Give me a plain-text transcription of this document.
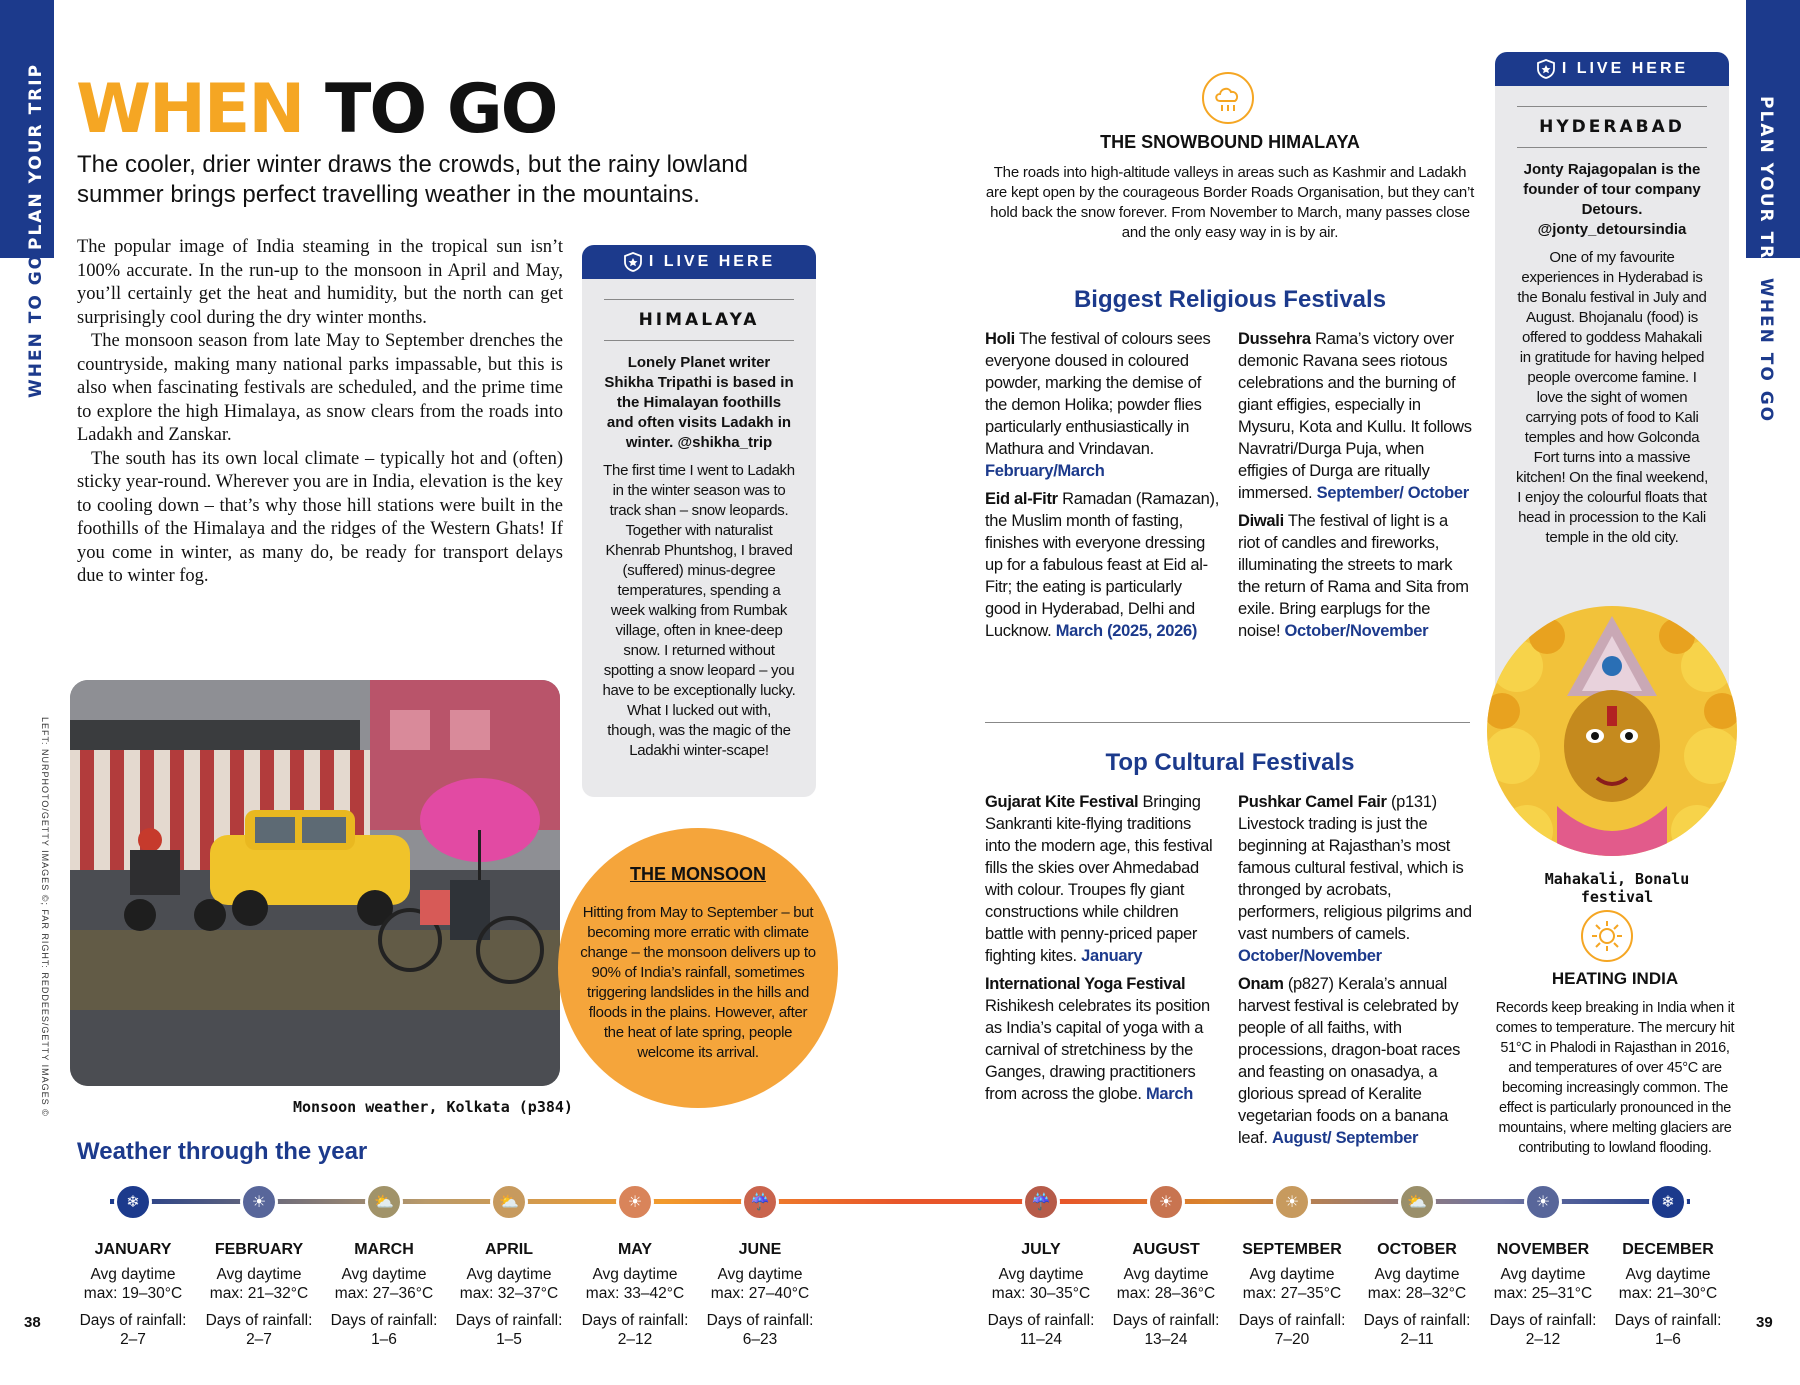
PLAN YOUR TRIP
WHEN TO GO
PLAN YOUR TRIP
WHEN TO GO
WHEN TO GO
The cooler, drier winter draws the crowds, but the rainy lowland summer brings perfect travelling weather in the mountains.

The popular image of India steaming in the tropical sun isn’t 100% accurate. In the run-up to the monsoon in April and May, you’ll certainly get the heat and humidity, but the north can get surprisingly cool during the dry winter months.

The monsoon season from late May to September drenches the countryside, making many national parks impassable, but this is also when fascinating festivals are scheduled, and the prime time to explore the high Himalaya, as snow clears from the roads into Ladakh and Zanskar.

The south has its own local climate – typically hot and (often) sticky year-round. Wherever you are in India, elevation is the key to cooling down – that’s why those hill stations were built in the foothills of the Himalaya and the ridges of the Western Ghats! If you come in winter, as many do, be ready for transport delays due to winter fog.

LEFT: NURPHOTO/GETTY IMAGES ©; FAR RIGHT: REDDEES/GETTY IMAGES ©	Monsoon weather, Kolkata (p384)
I LIVE HERE
HIMALAYA
Lonely Planet writer Shikha Tripathi is based in the Himalayan foothills and often visits Ladakh in winter. @shikha_trip
The first time I went to Ladakh in the winter season was to track shan – snow leopards. Together with naturalist Khenrab Phuntshog, I braved (suffered) minus-degree temperatures, spending a week walking from Rumbak village, often in knee-deep snow. I returned without spotting a snow leopard – you have to be exceptionally lucky. What I lucked out with, though, was the magic of the Ladakhi winter-scape!
THE MONSOON
Hitting from May to September – but becoming more erratic with climate change – the monsoon delivers up to 90% of India’s rainfall, sometimes triggering landslides in the hills and floods in the plains. However, after the heat of late spring, people welcome its arrival.
THE SNOWBOUND HIMALAYA
The roads into high-altitude valleys in areas such as Kashmir and Ladakh are kept open by the courageous Border Roads Organisation, but they can’t hold back the snow forever. From November to March, many passes close and the only easy way in is by air.
Biggest Religious Festivals

Holi The festival of colours sees everyone doused in coloured powder, marking the demise of the demon Holika; powder flies particularly enthusiastically in Mathura and Vrindavan. February/March

Eid al-Fitr Ramadan (Ramazan), the Muslim month of fasting, finishes with everyone dressing up for a fabulous feast at Eid al-Fitr; the eating is particularly good in Hyderabad, Delhi and Lucknow. March (2025, 2026)

Dussehra Rama’s victory over demonic Ravana sees riotous celebrations and the burning of giant effigies, especially in Mysuru, Kota and Kullu. It follows Navratri/Durga Puja, when effigies of Durga are ritually immersed. September/ October

Diwali The festival of light is a riot of candles and fireworks, illuminating the streets to mark the return of Rama and Sita from exile. Bring earplugs for the noise! October/November

Top Cultural Festivals

Gujarat Kite Festival Bringing Sankranti kite-flying traditions into the modern age, this festival fills the skies over Ahmedabad with colour. Troupes fly giant constructions while children battle with penny-priced paper fighting kites. January

International Yoga Festival Rishikesh celebrates its position as India’s capital of yoga with a carnival of stretchiness by the Ganges, drawing practitioners from across the globe. March

Pushkar Camel Fair (p131) Livestock trading is just the beginning at Rajasthan’s most famous cultural festival, which is thronged by acrobats, performers, religious pilgrims and vast numbers of camels. October/November

Onam (p827) Kerala’s annual harvest festival is celebrated by people of all faiths, with processions, dragon-boat races and feasting on onasadya, a glorious spread of Keralite vegetarian foods on a banana leaf. August/ September

I LIVE HERE
HYDERABAD
Jonty Rajagopalan is the founder of tour company Detours. @jonty_detoursindia
One of my favourite experiences in Hyderabad is the Bonalu festival in July and August. Bhojanalu (food) is offered to goddess Mahakali in gratitude for having helped people overcome famine. I love the sight of women carrying pots of food to Kali temples and how Golconda Fort turns into a massive kitchen! On the final weekend, I enjoy the colourful floats that head in procession to the Kali temple in the old city.
Mahakali, Bonalu festival
HEATING INDIA
Records keep breaking in India when it comes to temperature. The mercury hit 51°C in Phalodi in Rajasthan in 2016, and temperatures of over 45°C are becoming increasingly common. The effect is particularly pronounced in the mountains, where melting glaciers are contributing to lowland flooding.
Weather through the year
❄
JANUARY
Avg daytime
max: 19–30°C
Days of rainfall:
2–7
☀
FEBRUARY
Avg daytime
max: 21–32°C
Days of rainfall:
2–7
⛅
MARCH
Avg daytime
max: 27–36°C
Days of rainfall:
1–6
⛅
APRIL
Avg daytime
max: 32–37°C
Days of rainfall:
1–5
☀
MAY
Avg daytime
max: 33–42°C
Days of rainfall:
2–12
☔
JUNE
Avg daytime
max: 27–40°C
Days of rainfall:
6–23
☔
JULY
Avg daytime
max: 30–35°C
Days of rainfall:
11–24
☀
AUGUST
Avg daytime
max: 28–36°C
Days of rainfall:
13–24
☀
SEPTEMBER
Avg daytime
max: 27–35°C
Days of rainfall:
7–20
⛅
OCTOBER
Avg daytime
max: 28–32°C
Days of rainfall:
2–11
☀
NOVEMBER
Avg daytime
max: 25–31°C
Days of rainfall:
2–12
❄
DECEMBER
Avg daytime
max: 21–30°C
Days of rainfall:
1–6
38	39
